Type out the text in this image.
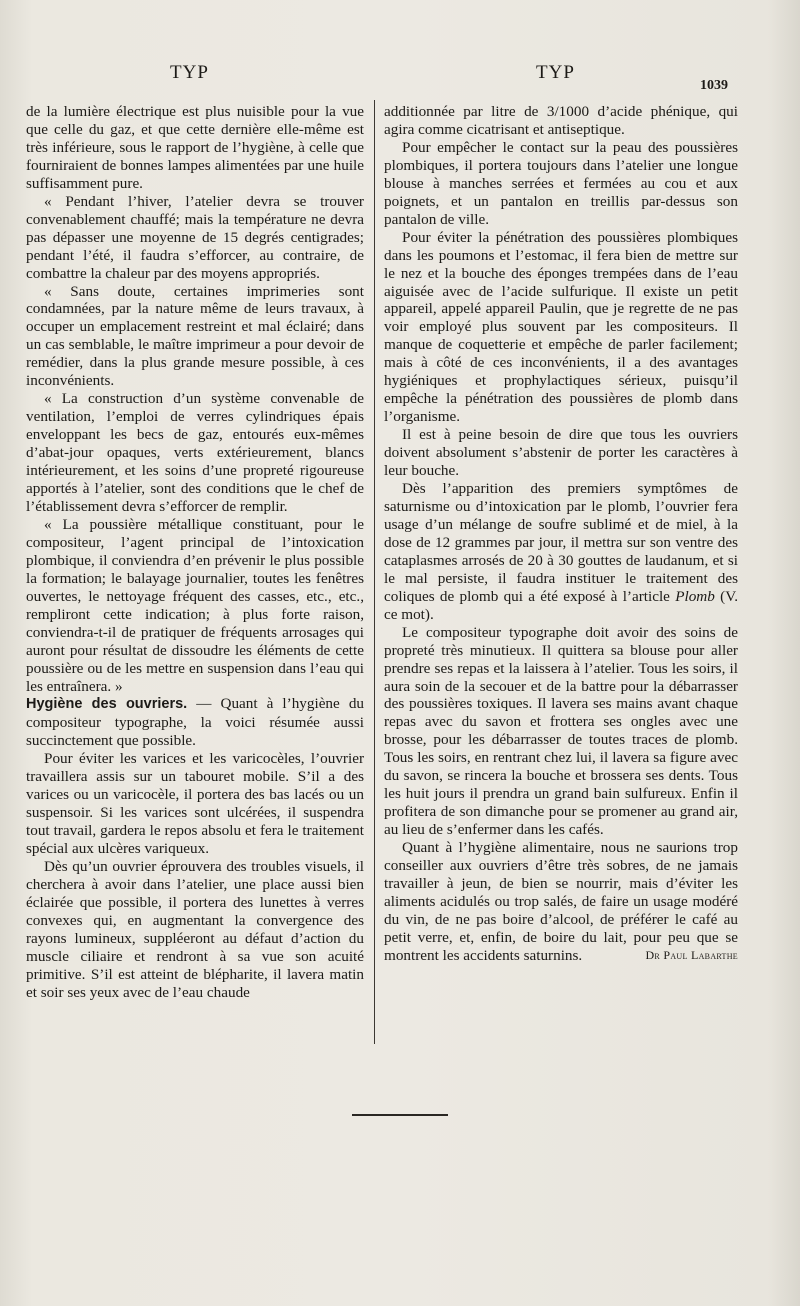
TYP	TYP
1039

de la lumière électrique est plus nuisible pour la vue que celle du gaz, et que cette dernière elle-même est très inférieure, sous le rapport de l’hygiène, à celle que fourniraient de bonnes lampes alimentées par une huile suffisamment pure.

« Pendant l’hiver, l’atelier devra se trouver convenablement chauffé; mais la température ne devra pas dépasser une moyenne de 15 degrés centigrades; pendant l’été, il faudra s’efforcer, au contraire, de combattre la chaleur par des moyens appropriés.

« Sans doute, certaines imprimeries sont condamnées, par la nature même de leurs travaux, à occuper un emplacement restreint et mal éclairé; dans un cas semblable, le maître imprimeur a pour devoir de remédier, dans la plus grande mesure possible, à ces inconvénients.

« La construction d’un système convenable de ventilation, l’emploi de verres cylindriques épais enveloppant les becs de gaz, entourés eux-mêmes d’abat-jour opaques, verts extérieurement, blancs intérieurement, et les soins d’une propreté rigoureuse apportés à l’atelier, sont des conditions que le chef de l’établissement devra s’efforcer de remplir.

« La poussière métallique constituant, pour le compositeur, l’agent principal de l’intoxication plombique, il conviendra d’en prévenir le plus possible la formation; le balayage journalier, toutes les fenêtres ouvertes, le nettoyage fréquent des casses, etc., etc., rempliront cette indication; à plus forte raison, conviendra-t-il de pratiquer de fréquents arrosages qui auront pour résultat de dissoudre les éléments de cette poussière ou de les mettre en suspension dans l’eau qui les entraînera. »

Hygiène des ouvriers. — Quant à l’hygiène du compositeur typographe, la voici résumée aussi succinctement que possible.

Pour éviter les varices et les varicocèles, l’ouvrier travaillera assis sur un tabouret mobile. S’il a des varices ou un varicocèle, il portera des bas lacés ou un suspensoir. Si les varices sont ulcérées, il suspendra tout travail, gardera le repos absolu et fera le traitement spécial aux ulcères variqueux.

Dès qu’un ouvrier éprouvera des troubles visuels, il cherchera à avoir dans l’atelier, une place aussi bien éclairée que possible, il portera des lunettes à verres convexes qui, en augmentant la convergence des rayons lumineux, suppléeront au défaut d’action du muscle ciliaire et rendront à sa vue son acuité primitive. S’il est atteint de blépharite, il lavera matin et soir ses yeux avec de l’eau chaude

additionnée par litre de 3/1000 d’acide phénique, qui agira comme cicatrisant et antiseptique.

Pour empêcher le contact sur la peau des poussières plombiques, il portera toujours dans l’atelier une longue blouse à manches serrées et fermées au cou et aux poignets, et un pantalon en treillis par-dessus son pantalon de ville.

Pour éviter la pénétration des poussières plombiques dans les poumons et l’estomac, il fera bien de mettre sur le nez et la bouche des éponges trempées dans de l’eau aiguisée avec de l’acide sulfurique. Il existe un petit appareil, appelé appareil Paulin, que je regrette de ne pas voir employé plus souvent par les compositeurs. Il manque de coquetterie et empêche de parler facilement; mais à côté de ces inconvénients, il a des avantages hygiéniques et prophylactiques sérieux, puisqu’il empêche la pénétration des poussières de plomb dans l’organisme.

Il est à peine besoin de dire que tous les ouvriers doivent absolument s’abstenir de porter les caractères à leur bouche.

Dès l’apparition des premiers symptômes de saturnisme ou d’intoxication par le plomb, l’ouvrier fera usage d’un mélange de soufre sublimé et de miel, à la dose de 12 grammes par jour, il mettra sur son ventre des cataplasmes arrosés de 20 à 30 gouttes de laudanum, et si le mal persiste, il faudra instituer le traitement des coliques de plomb qui a été exposé à l’article Plomb (V. ce mot).

Le compositeur typographe doit avoir des soins de propreté très minutieux. Il quittera sa blouse pour aller prendre ses repas et la laissera à l’atelier. Tous les soirs, il aura soin de la secouer et de la battre pour la débarrasser des poussières toxiques. Il lavera ses mains avant chaque repas avec du savon et frottera ses ongles avec une brosse, pour les débarrasser de toutes traces de plomb. Tous les soirs, en rentrant chez lui, il lavera sa figure avec du savon, se rincera la bouche et brossera ses dents. Tous les huit jours il prendra un grand bain sulfureux. Enfin il profitera de son dimanche pour se promener au grand air, au lieu de s’enfermer dans les cafés.

Quant à l’hygiène alimentaire, nous ne saurions trop conseiller aux ouvriers d’être très sobres, de ne jamais travailler à jeun, de bien se nourrir, mais d’éviter les aliments acidulés ou trop salés, de faire un usage modéré du vin, de ne pas boire d’alcool, de préférer le café au petit verre, et, enfin, de boire du lait, pour peu que se montrent les accidents saturnins.	Dr Paul Labarthe
